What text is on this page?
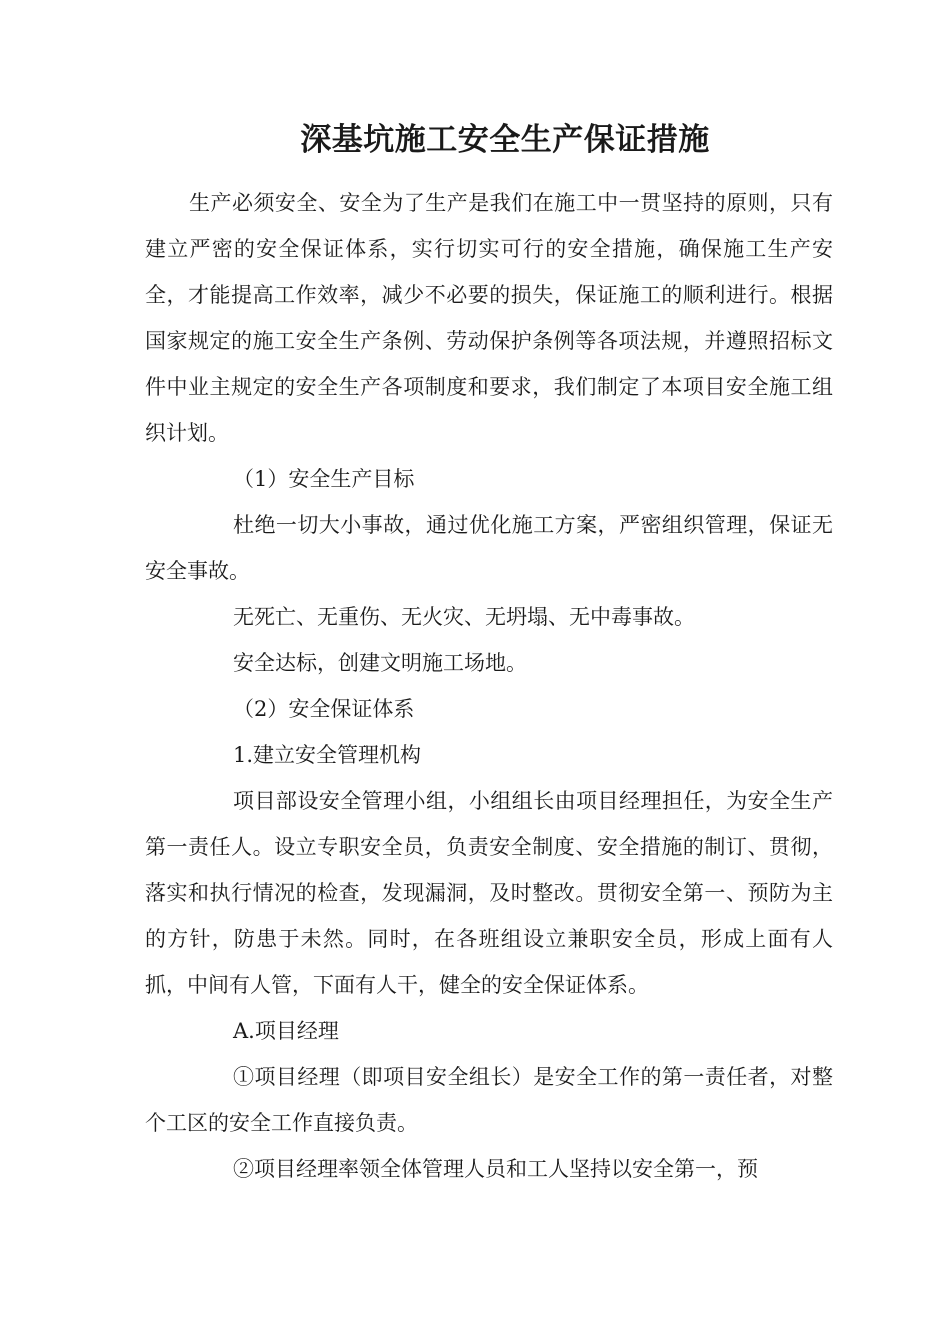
深基坑施工安全生产保证措施

生产必须安全、安全为了生产是我们在施工中一贯坚持的原则，只有建立严密的安全保证体系，实行切实可行的安全措施，确保施工生产安全，才能提高工作效率，减少不必要的损失，保证施工的顺利进行。根据国家规定的施工安全生产条例、劳动保护条例等各项法规，并遵照招标文件中业主规定的安全生产各项制度和要求，我们制定了本项目安全施工组织计划。

（1）安全生产目标

杜绝一切大小事故，通过优化施工方案，严密组织管理，保证无安全事故。

无死亡、无重伤、无火灾、无坍塌、无中毒事故。

安全达标，创建文明施工场地。

（2）安全保证体系

1.建立安全管理机构

项目部设安全管理小组，小组组长由项目经理担任，为安全生产第一责任人。设立专职安全员，负责安全制度、安全措施的制订、贯彻，落实和执行情况的检查，发现漏洞，及时整改。贯彻安全第一、预防为主的方针，防患于未然。同时，在各班组设立兼职安全员，形成上面有人抓，中间有人管，下面有人干，健全的安全保证体系。

A.项目经理

①项目经理（即项目安全组长）是安全工作的第一责任者，对整个工区的安全工作直接负责。

②项目经理率领全体管理人员和工人坚持以安全第一，预
